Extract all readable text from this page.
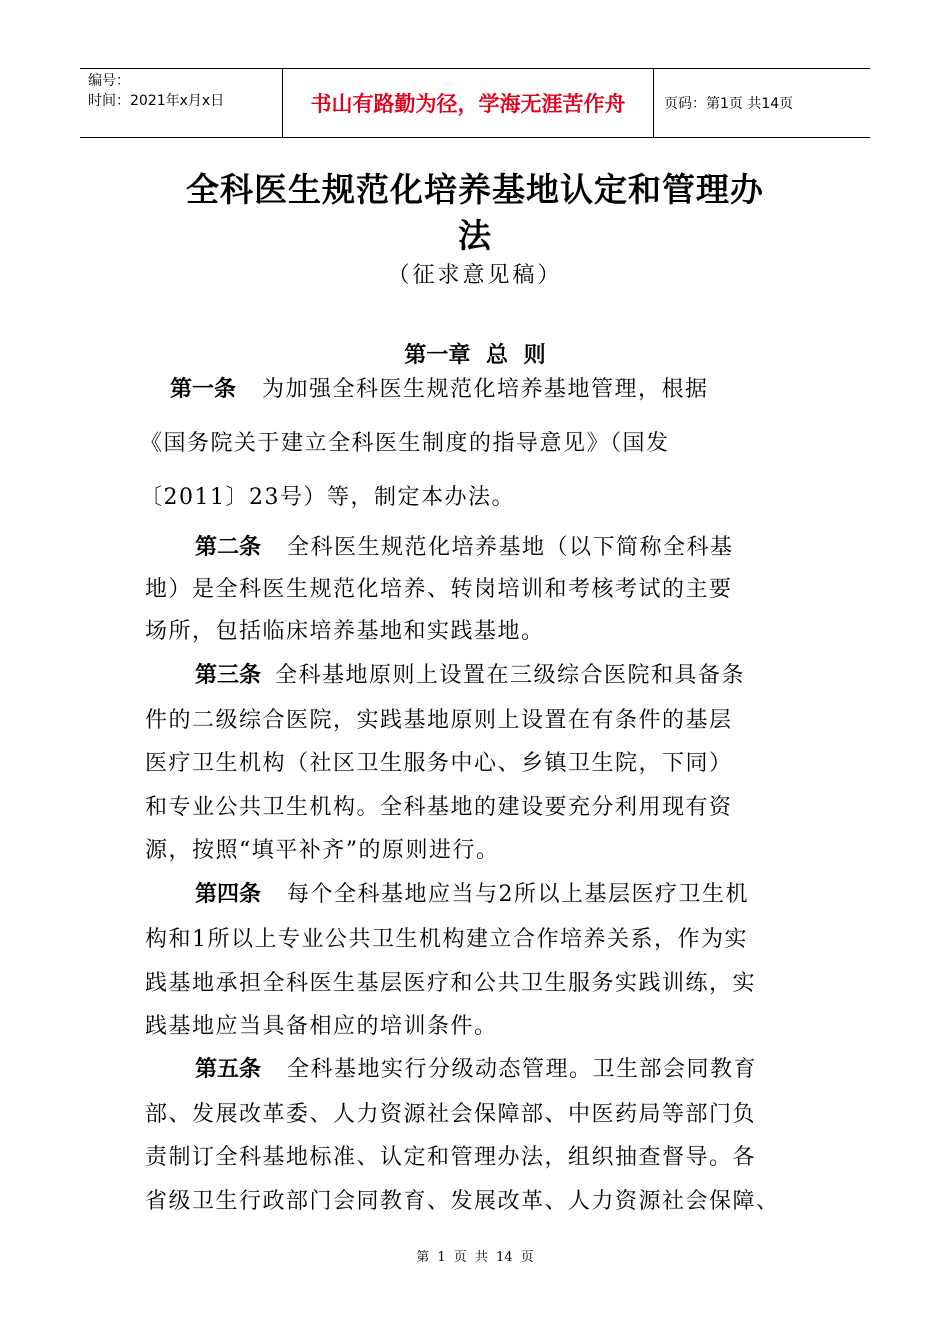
编号：
时间：2021年x月x日	书山有路勤为径，学海无涯苦作舟	页码：第1页 共14页
全科医生规范化培养基地认定和管理办
法
（征求意见稿）
第一章 总 则
第一条 为加强全科医生规范化培养基地管理，根据
《国务院关于建立全科医生制度的指导意见》（国发
〔2011〕23号）等，制定本办法。
第二条 全科医生规范化培养基地（以下简称全科基
地）是全科医生规范化培养、转岗培训和考核考试的主要
场所，包括临床培养基地和实践基地。
第三条 全科基地原则上设置在三级综合医院和具备条
件的二级综合医院，实践基地原则上设置在有条件的基层
医疗卫生机构（社区卫生服务中心、乡镇卫生院，下同）
和专业公共卫生机构。全科基地的建设要充分利用现有资
源，按照“填平补齐”的原则进行。
第四条 每个全科基地应当与2所以上基层医疗卫生机
构和1所以上专业公共卫生机构建立合作培养关系，作为实
践基地承担全科医生基层医疗和公共卫生服务实践训练，实
践基地应当具备相应的培训条件。
第五条 全科基地实行分级动态管理。卫生部会同教育
部、发展改革委、人力资源社会保障部、中医药局等部门负
责制订全科基地标准、认定和管理办法，组织抽查督导。各
省级卫生行政部门会同教育、发展改革、人力资源社会保障、
第 1 页 共 14 页
